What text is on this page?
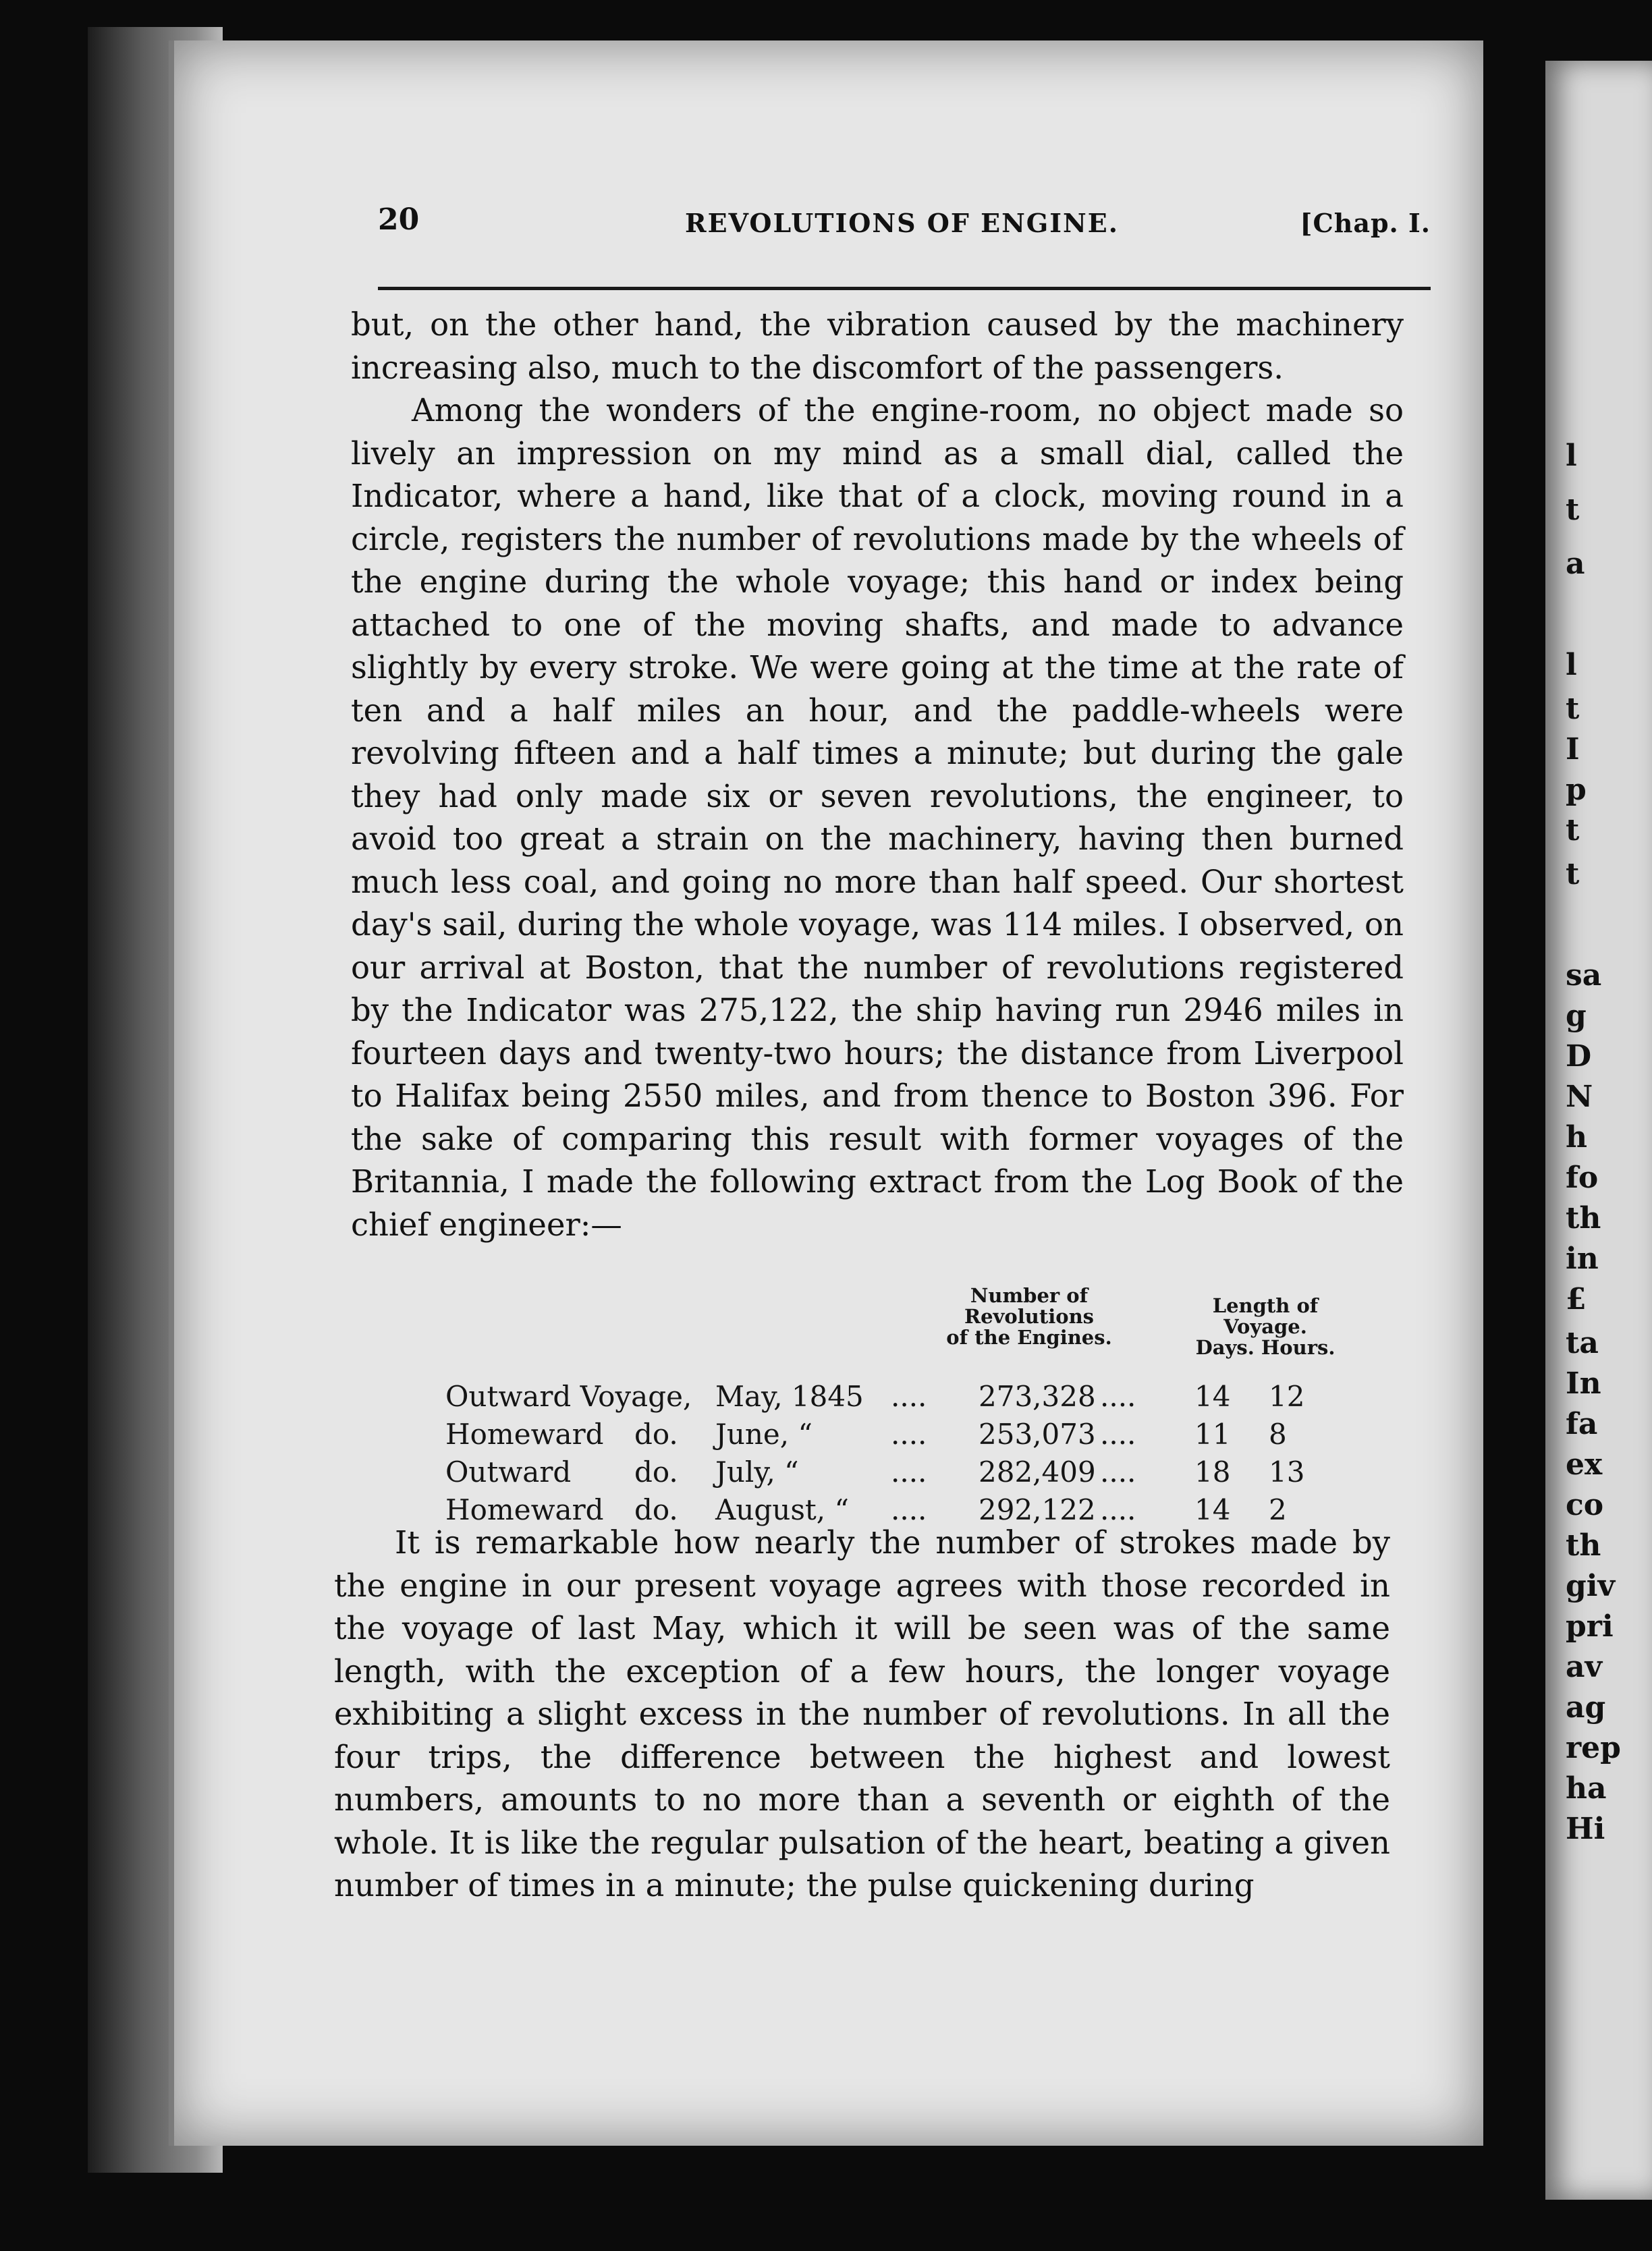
20	REVOLUTIONS OF ENGINE.	[Chap. I.

but, on the other hand, the vibration caused by the machinery increasing also, much to the discomfort of the passengers.

Among the wonders of the engine-room, no object made so lively an impression on my mind as a small dial, called the Indicator, where a hand, like that of a clock, moving round in a circle, registers the number of revolutions made by the wheels of the engine during the whole voyage; this hand or index being attached to one of the moving shafts, and made to advance slightly by every stroke. We were going at the time at the rate of ten and a half miles an hour, and the paddle-wheels were revolving fifteen and a half times a minute; but during the gale they had only made six or seven revolutions, the engineer, to avoid too great a strain on the machinery, having then burned much less coal, and going no more than half speed. Our shortest day's sail, during the whole voyage, was 114 miles. I observed, on our arrival at Boston, that the number of revolutions registered by the Indicator was 275,122, the ship having run 2946 miles in fourteen days and twenty-two hours; the distance from Liverpool to Halifax being 2550 miles, and from thence to Boston 396. For the sake of comparing this result with former voyages of the Britannia, I made the following extract from the Log Book of the chief engineer:—

Number of
Revolutions
of the Engines.
Length of
Voyage.
Days. Hours.
Outward Voyage, May, 1845 .... 273,328 .... 14 12
Homeward do. June, “	.... 253,073 .... 11 8
Outward do. July, “	.... 282,409 .... 18 13
Homeward do. August, “ .... 292,122 .... 14 2

It is remarkable how nearly the number of strokes made by the engine in our present voyage agrees with those recorded in the voyage of last May, which it will be seen was of the same length, with the exception of a few hours, the longer voyage exhibiting a slight excess in the number of revolutions. In all the four trips, the difference between the highest and lowest numbers, amounts to no more than a seventh or eighth of the whole. It is like the regular pulsation of the heart, beating a given number of times in a minute; the pulse quickening during

l
t
a
l
t
I
p
t
t
sa
g
D
N
h
fo
th
in
£
ta
In
fa
ex
co
th
giv
pri
av
ag
rep
ha
Hi
